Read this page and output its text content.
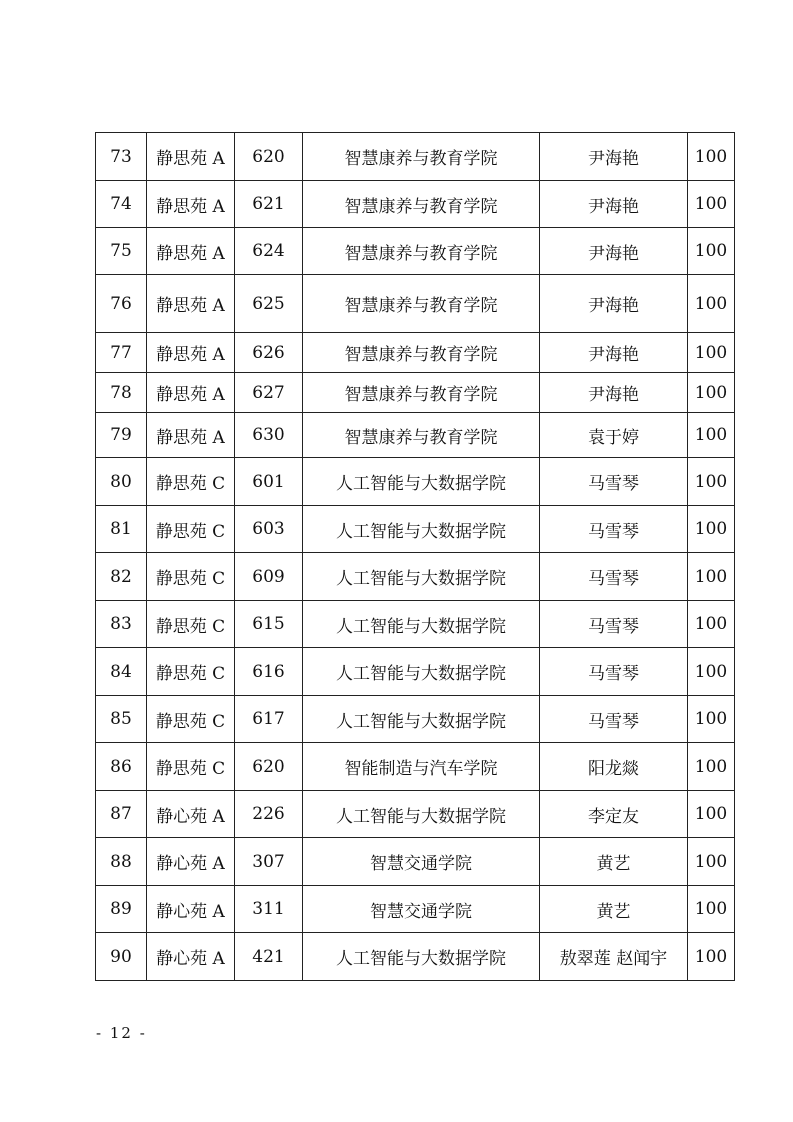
73	静思苑 A	620	智慧康养与教育学院	尹海艳	100
74	静思苑 A	621	智慧康养与教育学院	尹海艳	100
75	静思苑 A	624	智慧康养与教育学院	尹海艳	100
76	静思苑 A	625	智慧康养与教育学院	尹海艳	100
77	静思苑 A	626	智慧康养与教育学院	尹海艳	100
78	静思苑 A	627	智慧康养与教育学院	尹海艳	100
79	静思苑 A	630	智慧康养与教育学院	袁于婷	100
80	静思苑 C	601	人工智能与大数据学院	马雪琴	100
81	静思苑 C	603	人工智能与大数据学院	马雪琴	100
82	静思苑 C	609	人工智能与大数据学院	马雪琴	100
83	静思苑 C	615	人工智能与大数据学院	马雪琴	100
84	静思苑 C	616	人工智能与大数据学院	马雪琴	100
85	静思苑 C	617	人工智能与大数据学院	马雪琴	100
86	静思苑 C	620	智能制造与汽车学院	阳龙燚	100
87	静心苑 A	226	人工智能与大数据学院	李定友	100
88	静心苑 A	307	智慧交通学院	黄艺	100
89	静心苑 A	311	智慧交通学院	黄艺	100
90	静心苑 A	421	人工智能与大数据学院	敖翠莲 赵闻宇	100
- 12 -
